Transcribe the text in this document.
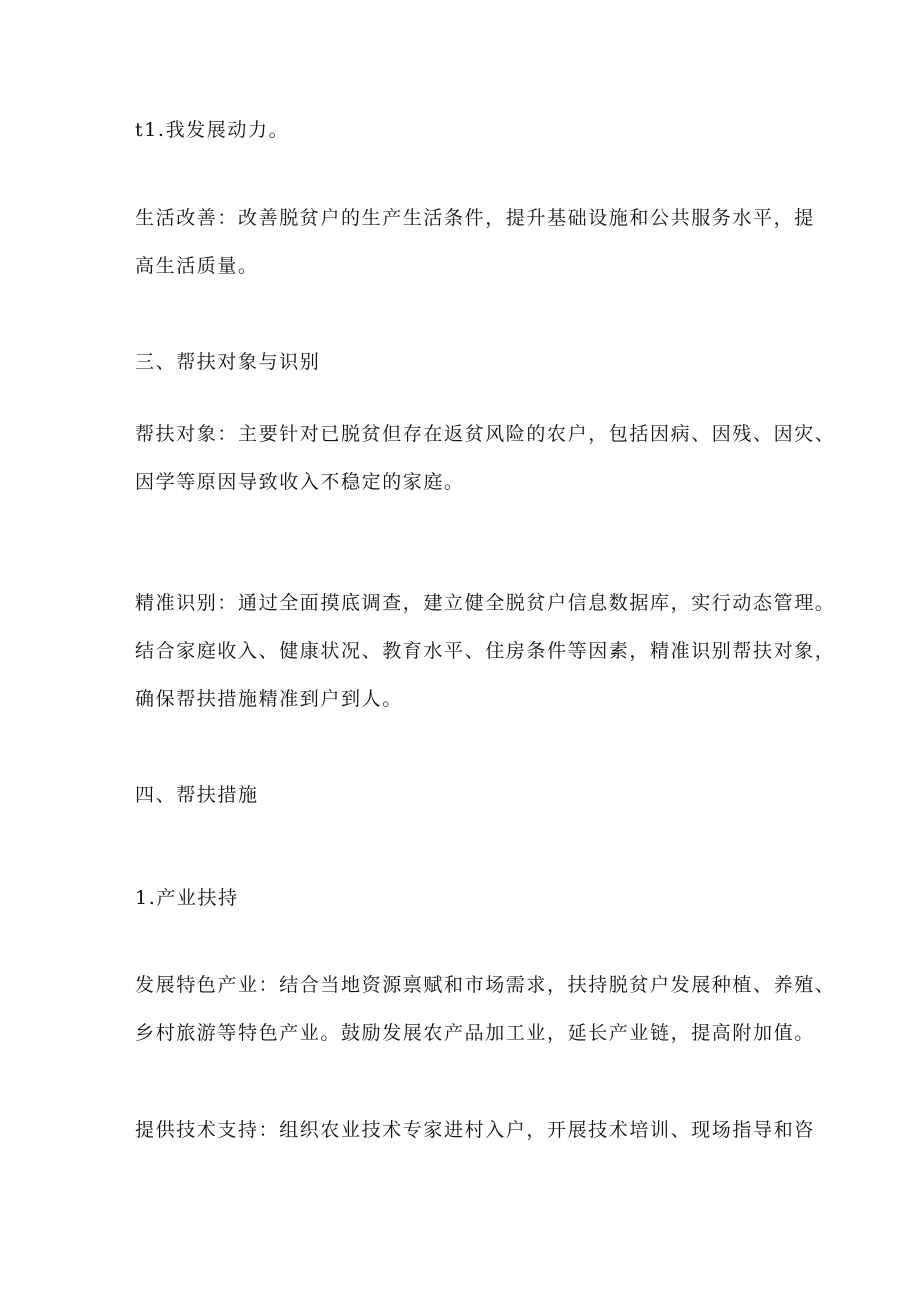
t1.我发展动力。

生活改善：改善脱贫户的生产生活条件，提升基础设施和公共服务水平，提
高生活质量。

三、帮扶对象与识别

帮扶对象：主要针对已脱贫但存在返贫风险的农户，包括因病、因残、因灾、
因学等原因导致收入不稳定的家庭。

精准识别：通过全面摸底调查，建立健全脱贫户信息数据库，实行动态管理。
结合家庭收入、健康状况、教育水平、住房条件等因素，精准识别帮扶对象，
确保帮扶措施精准到户到人。

四、帮扶措施

1.产业扶持

发展特色产业：结合当地资源禀赋和市场需求，扶持脱贫户发展种植、养殖、
乡村旅游等特色产业。鼓励发展农产品加工业，延长产业链，提高附加值。

提供技术支持：组织农业技术专家进村入户，开展技术培训、现场指导和咨
